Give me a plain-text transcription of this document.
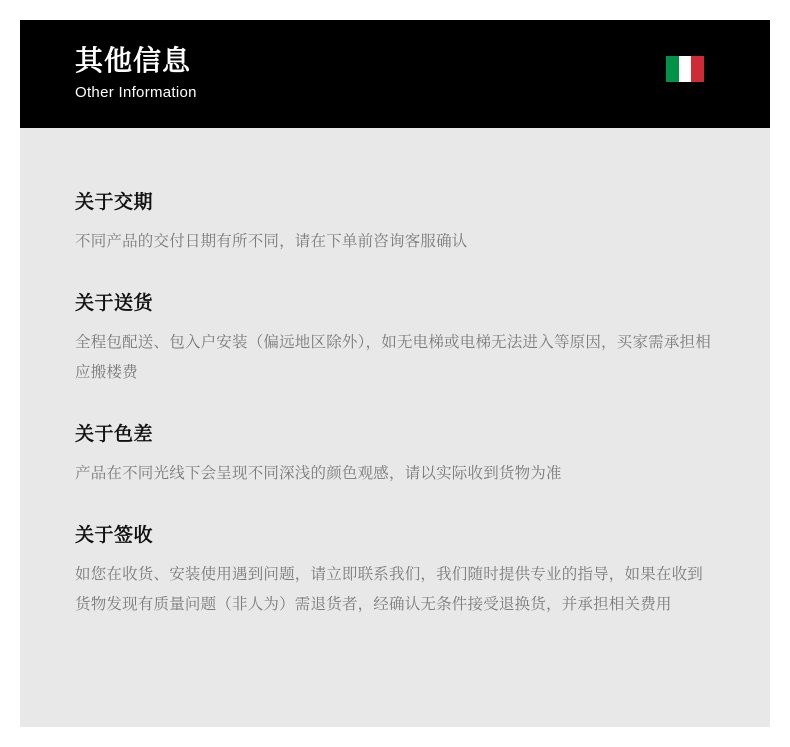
其他信息
Other Information
关于交期
不同产品的交付日期有所不同，请在下单前咨询客服确认
关于送货
全程包配送、包入户安装（偏远地区除外），如无电梯或电梯无法进入等原因，买家需承担相应搬楼费
关于色差
产品在不同光线下会呈现不同深浅的颜色观感，请以实际收到货物为准
关于签收
如您在收货、安装使用遇到问题，请立即联系我们，我们随时提供专业的指导，如果在收到货物发现有质量问题（非人为）需退货者，经确认无条件接受退换货，并承担相关费用
